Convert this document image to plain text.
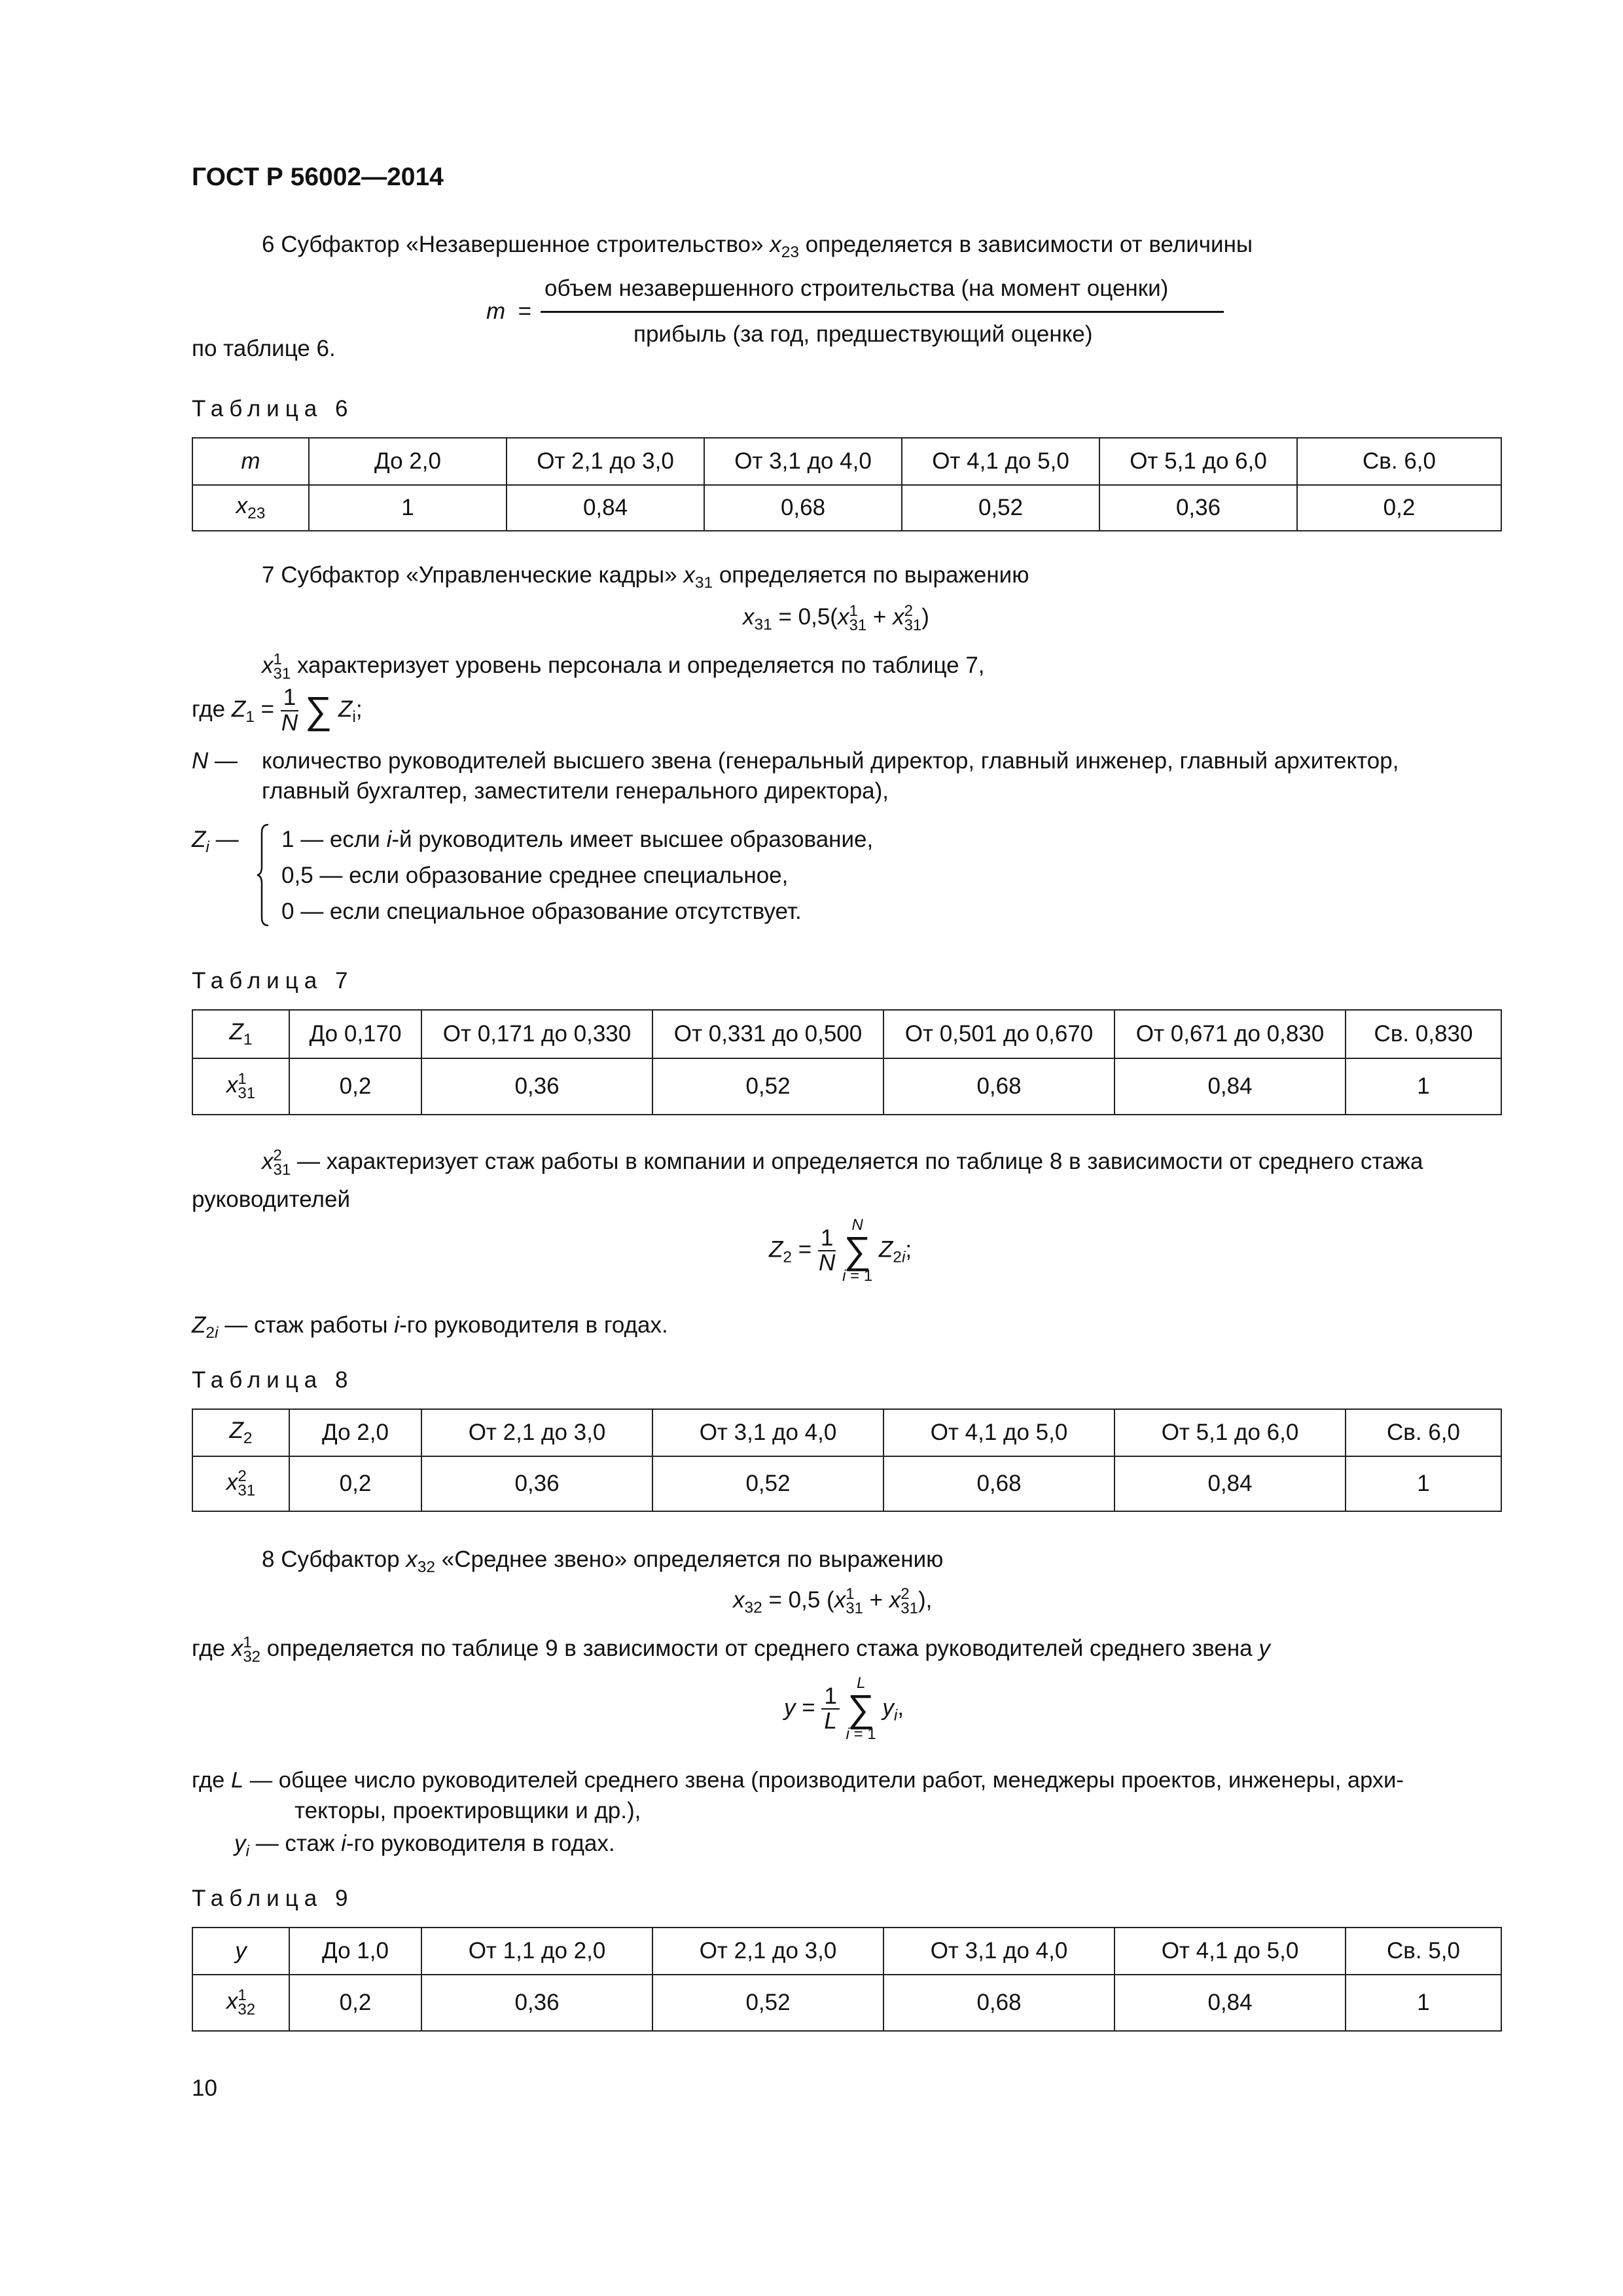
ГОСТ Р 56002—2014
6 Субфактор «Незавершенное строительство» $x_{23}$ определяется в зависимости от величины
m  =
объем незавершенного строительства (на момент оценки)
прибыль (за год, предшествующий оценке)
по таблице 6.
Таблица 6
m	До 2,0	От 2,1 до 3,0	От 3,1 до 4,0	От 4,1 до 5,0	От 5,1 до 6,0	Св. 6,0
$x_{23}$	1	0,84	0,68	0,52	0,36	0,2
7 Субфактор «Управленческие кадры» $x_{31}$ определяется по выражению
$x_{31} = 0,5(x$ 1
31 + x 2
31 )
x 1
31 характеризует уровень персонала и определяется по таблице 7,
где $Z_1 = \frac{1}{N}$ ∑ $Z_i$;
N — количество руководителей высшего звена (генеральный директор, главный инженер, главный архитектор,
главный бухгалтер, заместители генерального директора),
$Z_i$ — 1 — если i-й руководитель имеет высшее образование,
0,5 — если образование среднее специальное,
0 — если специальное образование отсутствует.
Таблица 7
$Z_1$	До 0,170	От 0,171 до 0,330	От 0,331 до 0,500	От 0,501 до 0,670	От 0,671 до 0,830	Св. 0,830
x 1
31	0,2	0,36	0,52	0,68	0,84	1
x 2
31 — характеризует стаж работы в компании и определяется по таблице 8 в зависимости от среднего стажа
руководителей
$Z_2 = \frac{1}{N}$

N
∑
i = 1
$Z_{2i}$;
$Z_{2i}$ — стаж работы i-го руководителя в годах.
Таблица 8
$Z_2$	До 2,0	От 2,1 до 3,0	От 3,1 до 4,0	От 4,1 до 5,0	От 5,1 до 6,0	Св. 6,0
x 2
31	0,2	0,36	0,52	0,68	0,84	1
8 Субфактор $x_{32}$ «Среднее звено» определяется по выражению
$x_{32} = 0,5$ (x 1
31 + x 2
31 ),
где x 1
32 определяется по таблице 9 в зависимости от среднего стажа руководителей среднего звена y
$y = \frac{1}{L}$

L
∑
i = 1
$y_i$,
где L — общее число руководителей среднего звена (производители работ, менеджеры проектов, инженеры, архи-
текторы, проектировщики и др.),
$y_i$ — стаж i-го руководителя в годах.
Таблица 9
y	До 1,0	От 1,1 до 2,0	От 2,1 до 3,0	От 3,1 до 4,0	От 4,1 до 5,0	Св. 5,0
x 1
32	0,2	0,36	0,52	0,68	0,84	1
10
